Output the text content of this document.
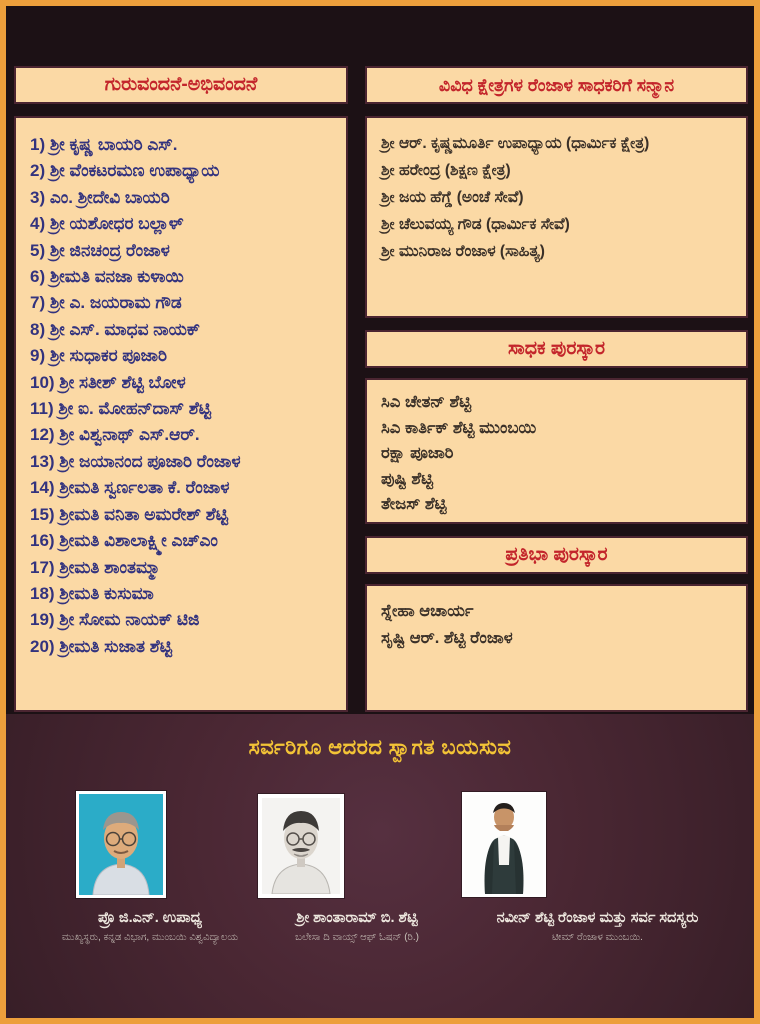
ಗುರುವಂದನೆ-ಅಭಿವಂದನೆ
1) ಶ್ರೀ ಕೃಷ್ಣ ಬಾಯರಿ ಎಸ್.
2) ಶ್ರೀ ವೆಂಕಟರಮಣ ಉಪಾಧ್ಯಾಯ
3) ಎಂ. ಶ್ರೀದೇವಿ ಬಾಯರಿ
4) ಶ್ರೀ ಯಶೋಧರ ಬಲ್ಲಾಳ್
5) ಶ್ರೀ ಜಿನಚಂದ್ರ ರೆಂಜಾಳ
6) ಶ್ರೀಮತಿ ವನಜಾ ಕುಳಾಯಿ
7) ಶ್ರೀ ಎ. ಜಯರಾಮ ಗೌಡ
8) ಶ್ರೀ ಎಸ್. ಮಾಧವ ನಾಯಕ್
9) ಶ್ರೀ ಸುಧಾಕರ ಪೂಜಾರಿ
10) ಶ್ರೀ ಸತೀಶ್ ಶೆಟ್ಟಿ ಬೋಳ
11) ಶ್ರೀ ಐ. ಮೋಹನ್‌ದಾಸ್ ಶೆಟ್ಟಿ
12) ಶ್ರೀ ವಿಶ್ವನಾಥ್ ಎಸ್.ಆರ್.
13) ಶ್ರೀ ಜಯಾನಂದ ಪೂಜಾರಿ ರೆಂಜಾಳ
14) ಶ್ರೀಮತಿ ಸ್ವರ್ಣಲತಾ ಕೆ. ರೆಂಜಾಳ
15) ಶ್ರೀಮತಿ ವನಿತಾ ಅಮರೇಶ್ ಶೆಟ್ಟಿ
16) ಶ್ರೀಮತಿ ವಿಶಾಲಾಕ್ಷ್ಮೀ ಎಚ್‌ಎಂ
17) ಶ್ರೀಮತಿ ಶಾಂತಮ್ಮಾ
18) ಶ್ರೀಮತಿ ಕುಸುಮಾ
19) ಶ್ರೀ ಸೋಮ ನಾಯಕ್ ಟಿಜಿ
20) ಶ್ರೀಮತಿ ಸುಜಾತ ಶೆಟ್ಟಿ
ವಿವಿಧ ಕ್ಷೇತ್ರಗಳ ರೆಂಜಾಳ ಸಾಧಕರಿಗೆ ಸನ್ಮಾನ
ಶ್ರೀ ಆರ್. ಕೃಷ್ಣಮೂರ್ತಿ ಉಪಾಧ್ಯಾಯ (ಧಾರ್ಮಿಕ ಕ್ಷೇತ್ರ)
ಶ್ರೀ ಹರೇಂದ್ರ (ಶಿಕ್ಷಣ ಕ್ಷೇತ್ರ)
ಶ್ರೀ ಜಯ ಹೆಗ್ಡೆ (ಅಂಚೆ ಸೇವೆ)
ಶ್ರೀ ಚೆಲುವಯ್ಯ ಗೌಡ (ಧಾರ್ಮಿಕ ಸೇವೆ)
ಶ್ರೀ ಮುನಿರಾಜ ರೆಂಜಾಳ (ಸಾಹಿತ್ಯ)
ಸಾಧಕ ಪುರಸ್ಕಾರ
ಸಿಎ ಚೇತನ್ ಶೆಟ್ಟಿ
ಸಿಎ ಕಾರ್ತಿಕ್ ಶೆಟ್ಟಿ ಮುಂಬಯಿ
ರಕ್ಷಾ ಪೂಜಾರಿ
ಪುಷ್ಟಿ ಶೆಟ್ಟಿ
ತೇಜಸ್ ಶೆಟ್ಟಿ
ಪ್ರತಿಭಾ ಪುರಸ್ಕಾರ
ಸ್ನೇಹಾ ಆಚಾರ್ಯ
ಸೃಷ್ಟಿ ಆರ್. ಶೆಟ್ಟಿ ರೆಂಜಾಳ
ಸರ್ವರಿಗೂ ಆದರದ ಸ್ವಾಗತ ಬಯಸುವ
ಪ್ರೊ ಜಿ.ಎನ್. ಉಪಾಧ್ಯ
ಮುಖ್ಯಸ್ಥರು, ಕನ್ನಡ ವಿಭಾಗ, ಮುಂಬಯಿ ವಿಶ್ವವಿದ್ಯಾಲಯ
ಶ್ರೀ ಶಾಂತಾರಾಮ್ ಬಿ. ಶೆಟ್ಟಿ
ಬಲೇಸಾ ದಿ ವಾಯ್ಸ್ ಆಫ್ ಓಷನ್ (ರಿ.)
ನವೀನ್ ಶೆಟ್ಟಿ ರೆಂಜಾಳ ಮತ್ತು ಸರ್ವ ಸದಸ್ಯರು
ಟೀಮ್ ರೆಂಜಾಳ ಮುಂಬಯಿ.
